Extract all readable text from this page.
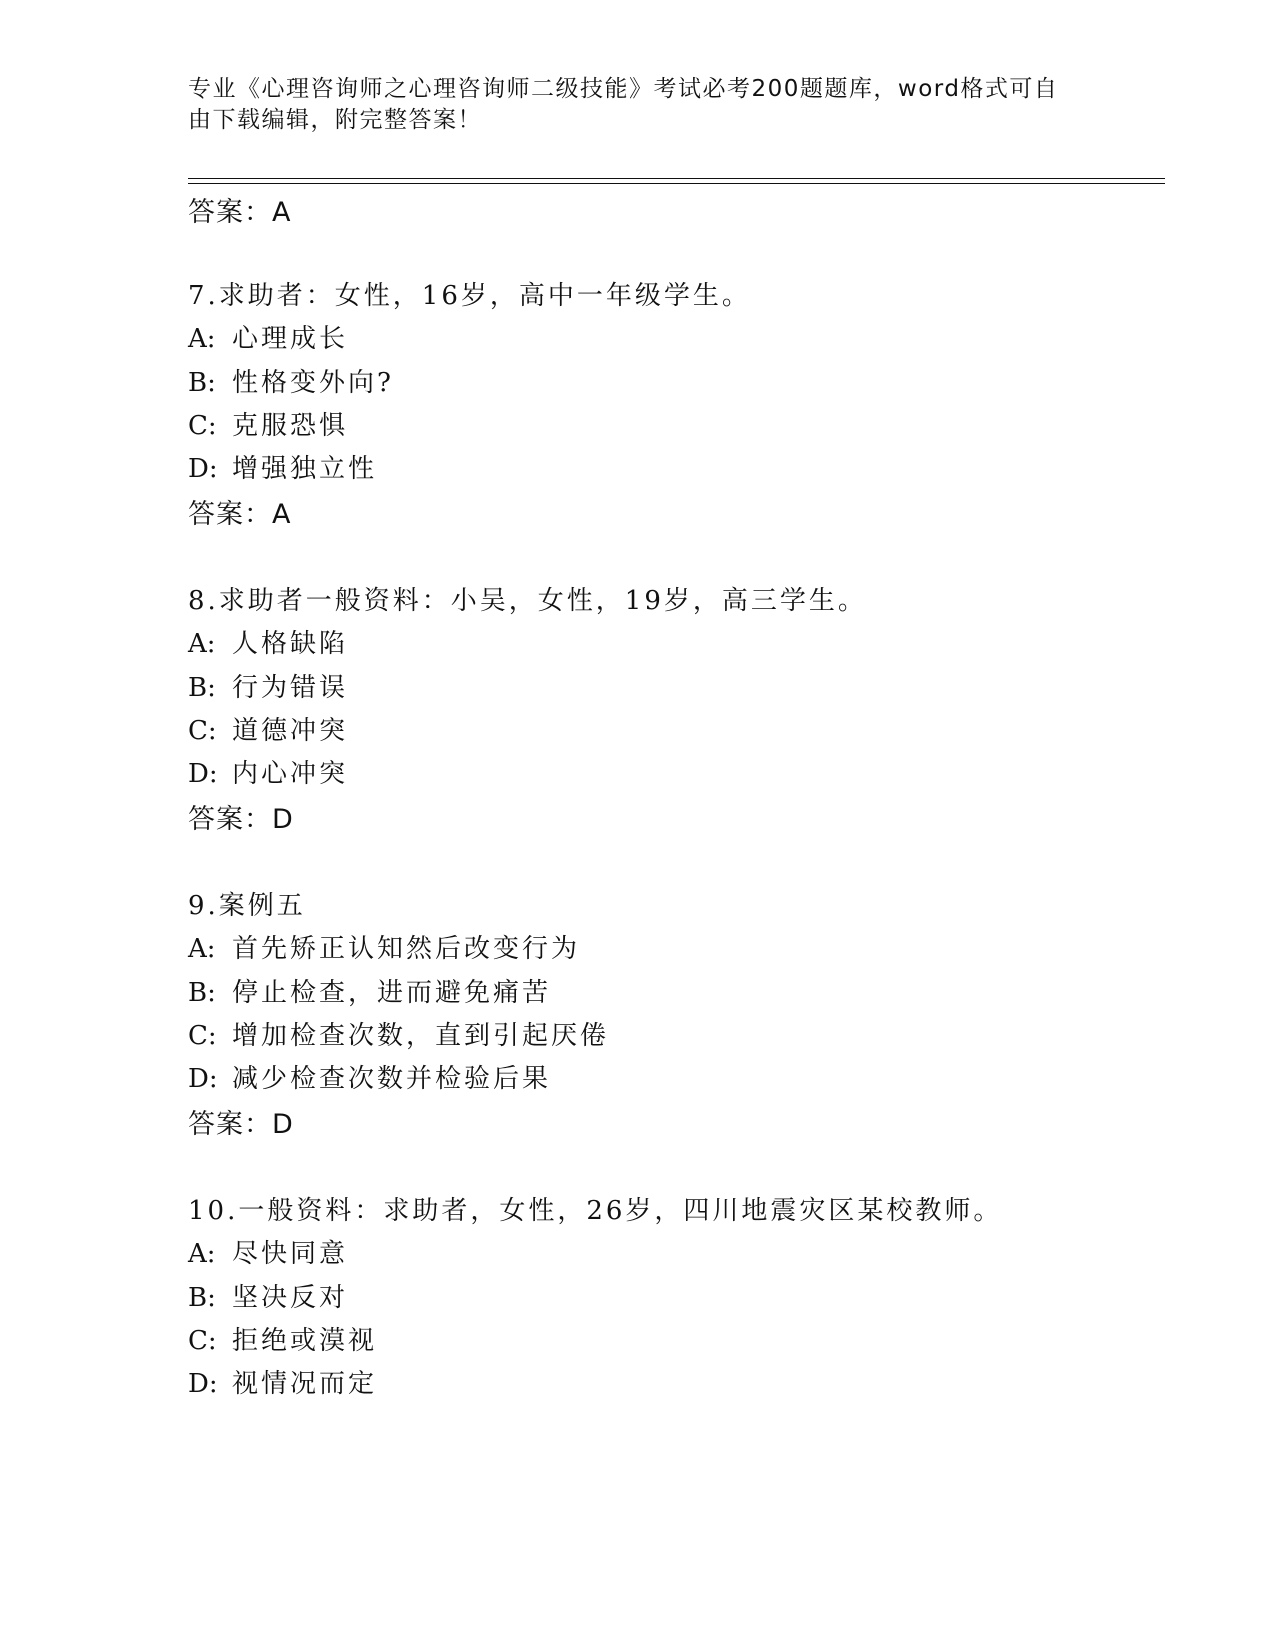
专业《心理咨询师之心理咨询师二级技能》考试必考200题题库，word格式可自由下载编辑，附完整答案！
答案：A
7.求助者：女性，16岁，高中一年级学生。
A: 心理成长
B: 性格变外向?
C: 克服恐惧
D: 增强独立性
答案：A
8.求助者一般资料：小吴，女性，19岁，高三学生。
A: 人格缺陷
B: 行为错误
C: 道德冲突
D: 内心冲突
答案：D
9.案例五
A: 首先矫正认知然后改变行为
B: 停止检查，进而避免痛苦
C: 增加检查次数，直到引起厌倦
D: 减少检查次数并检验后果
答案：D
10.一般资料：求助者，女性，26岁，四川地震灾区某校教师。
A: 尽快同意
B: 坚决反对
C: 拒绝或漠视
D: 视情况而定
